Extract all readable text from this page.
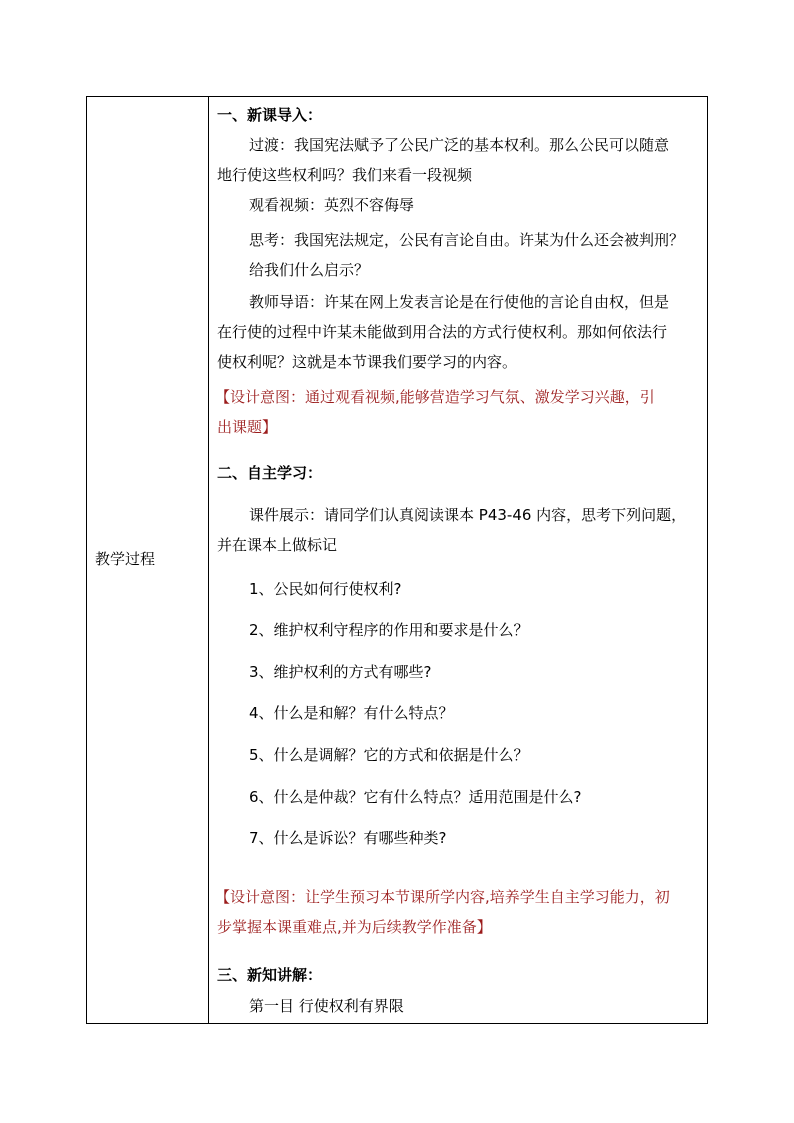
教学过程
一、新课导入：
过渡：我国宪法赋予了公民广泛的基本权利。那么公民可以随意
地行使这些权利吗？我们来看一段视频
观看视频：英烈不容侮辱
思考：我国宪法规定，公民有言论自由。许某为什么还会被判刑？
给我们什么启示？
教师导语：许某在网上发表言论是在行使他的言论自由权，但是
在行使的过程中许某未能做到用合法的方式行使权利。那如何依法行
使权利呢？这就是本节课我们要学习的内容。
【设计意图：通过观看视频,能够营造学习气氛、激发学习兴趣，引
出课题】
二、自主学习：
课件展示：请同学们认真阅读课本 P43-46 内容，思考下列问题，
并在课本上做标记
1、公民如何行使权利?
2、维护权利守程序的作用和要求是什么？
3、维护权利的方式有哪些?
4、什么是和解？有什么特点？
5、什么是调解？它的方式和依据是什么？
6、什么是仲裁？它有什么特点？适用范围是什么?
7、什么是诉讼？有哪些种类?
【设计意图：让学生预习本节课所学内容,培养学生自主学习能力，初
步掌握本课重难点,并为后续教学作准备】
三、新知讲解：
第一目 行使权利有界限
